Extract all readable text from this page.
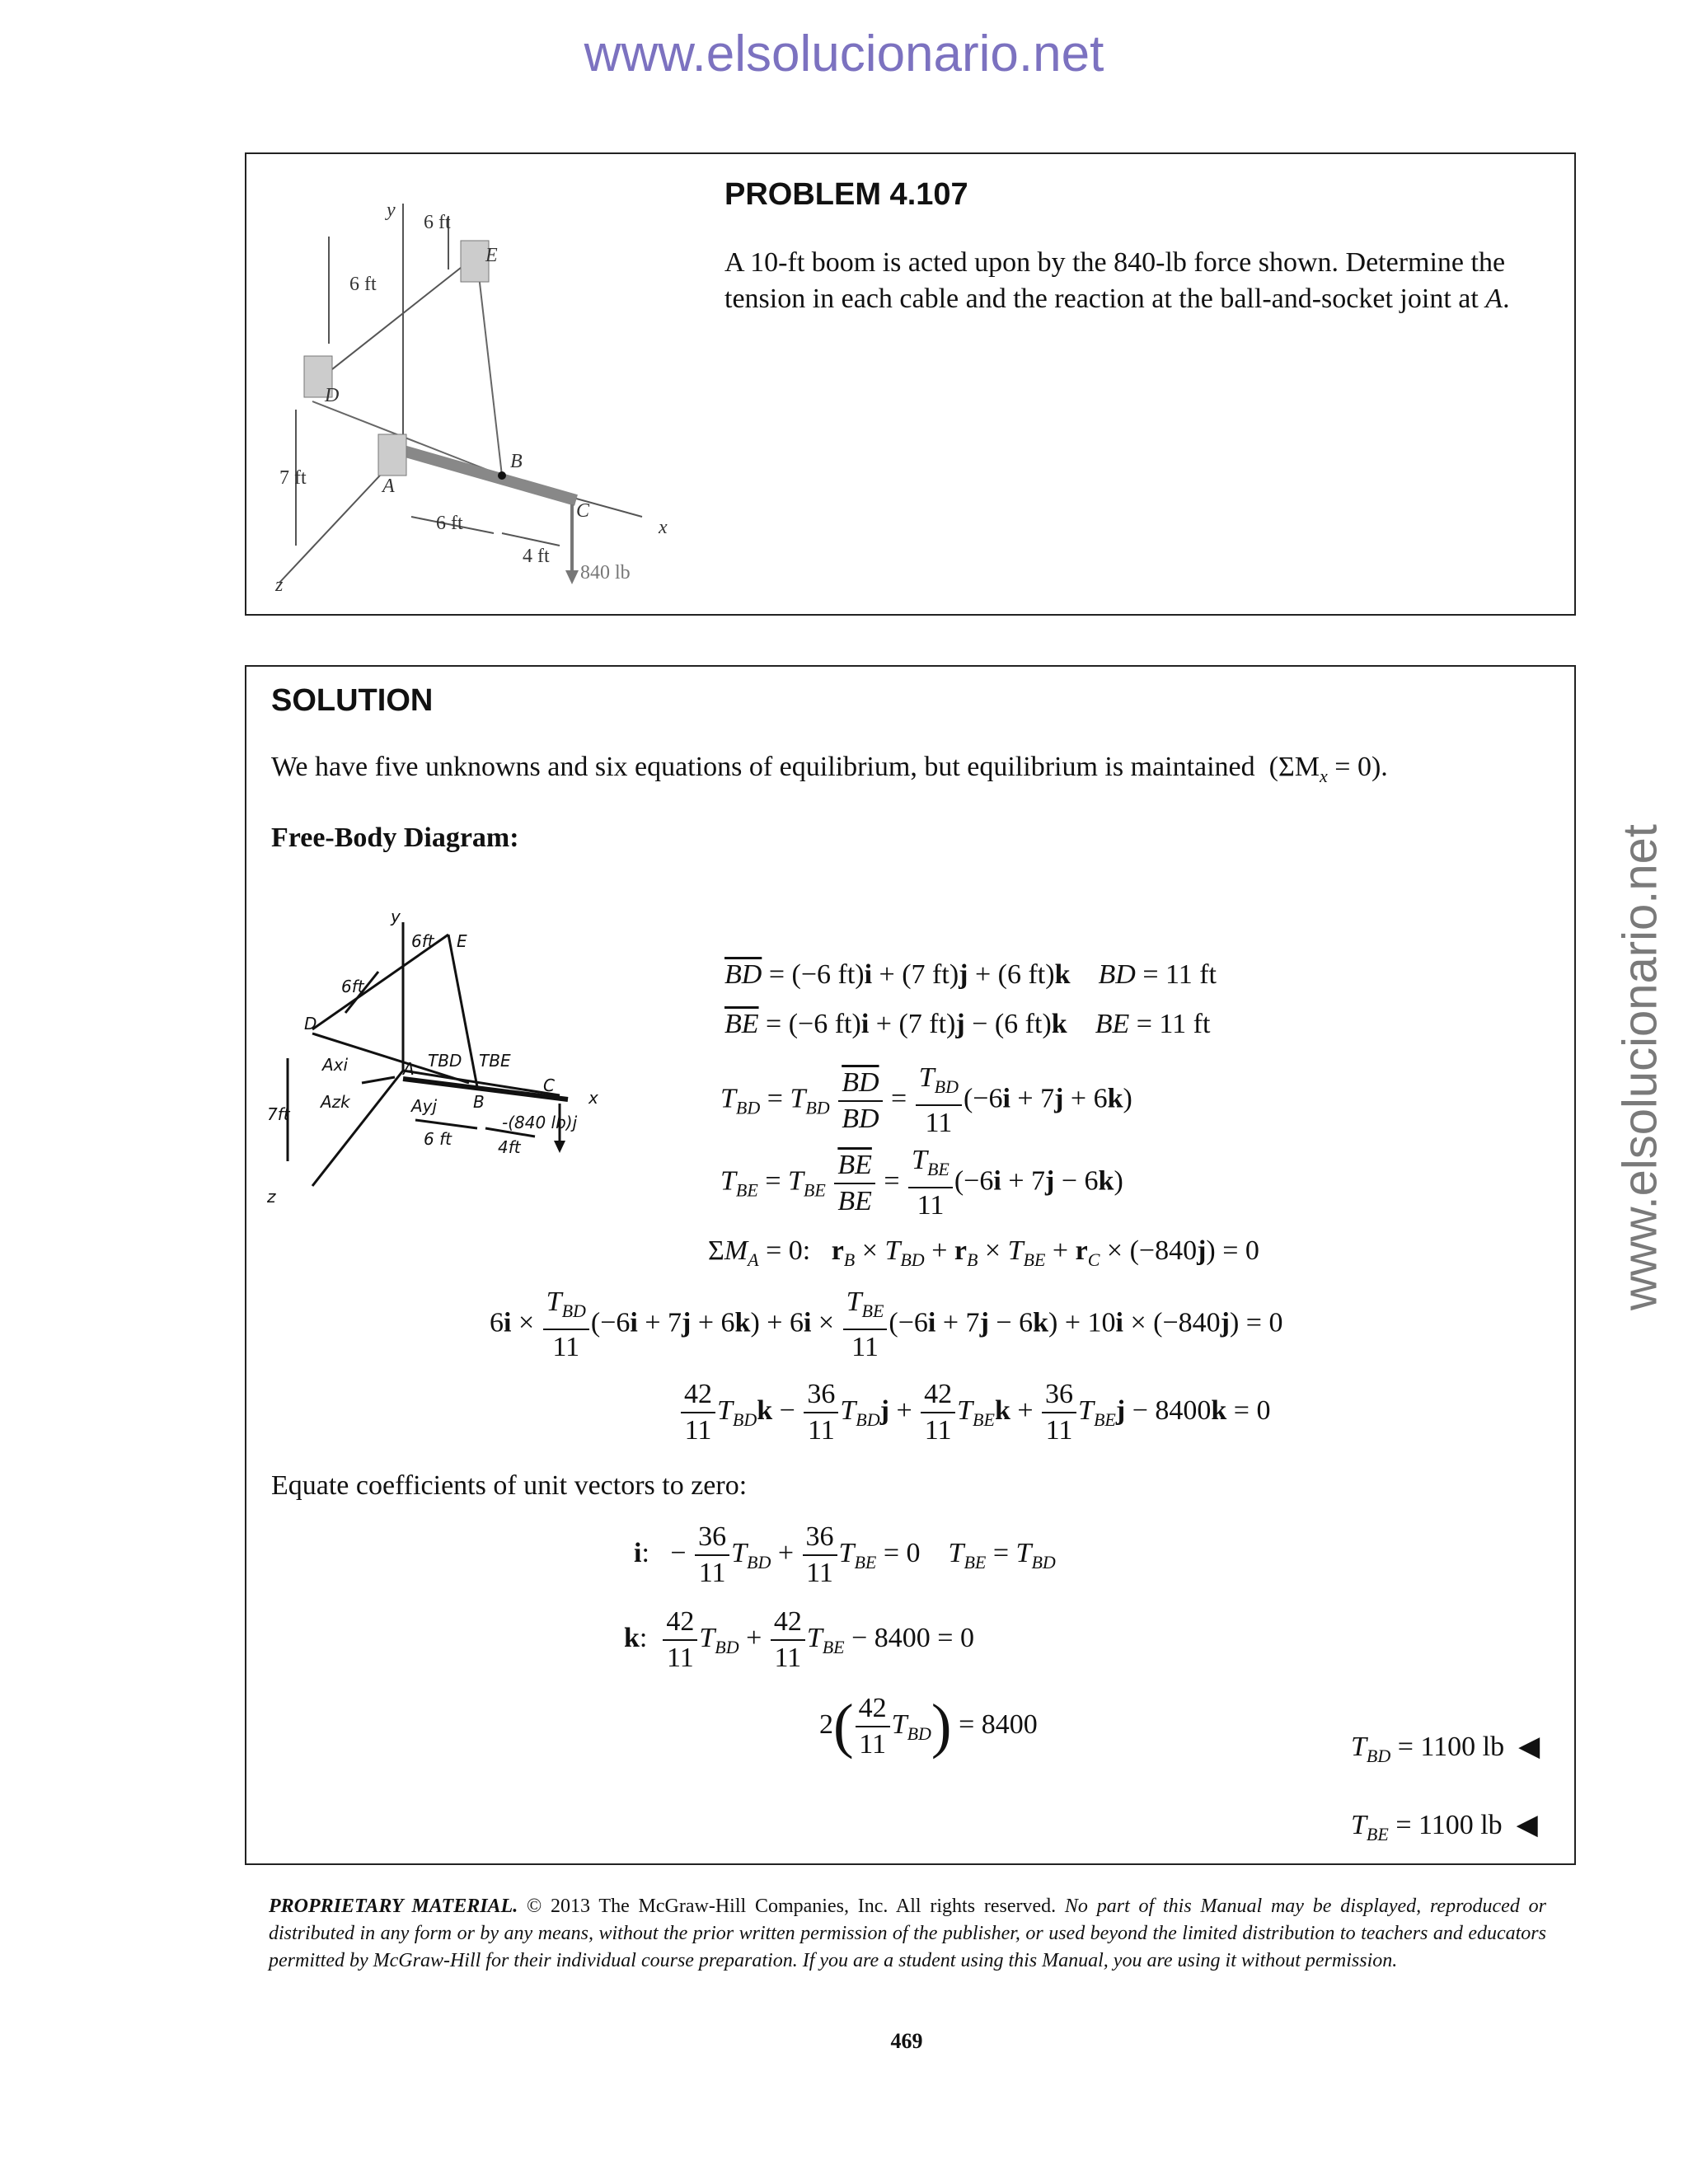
www.elsolucionario.net
www.elsolucionario.net
y
E
D
B
A
C
x
z
6 ft
6 ft
7 ft
6 ft
4 ft
840 lb
PROBLEM 4.107
A 10-ft boom is acted upon by the 840-lb force shown. Determine the tension in each cable and the reaction at the ball-and-socket joint at A.
SOLUTION
We have five unknowns and six equations of equilibrium, but equilibrium is maintained $(\Sigma M_x = 0)$.
Free-Body Diagram:
y
6ft E
6ft
D
TBD TBE
Axi	A
Azk	Ayj B
C
x
7ft
6 ft	4ft
-(840 lb)j
z
$\overline{BD} = (-6$ ft)i + (7 ft)j + (6 ft)k BD = 11 ft
$\overline{BE} = (-6$ ft)i + (7 ft)j − (6 ft)k BE = 11 ft
$T_{BD} = T_{BD} \frac{\overline{BD}}{BD} = \frac{T_{BD}}{11} (-6i + 7j + 6k)$
$T_{BE} = T_{BE} \frac{\overline{BE}}{BE} = \frac{T_{BE}}{11} (-6i + 7j - 6k)$
$\Sigma M_A = 0$:   $r_B \times T_{BD} + r_B \times T_{BE} + r_C \times (-840j) = 0$
$6i \times \frac{T_{BD}}{11} (-6i + 7j + 6k) + 6i \times \frac{T_{BE}}{11} (-6i + 7j - 6k) + 10i \times (-840j) = 0$
$\frac{42}{11} T_{BD}k - \frac{36}{11} T_{BD}j + \frac{42}{11} T_{BE}k + \frac{36}{11} T_{BE}j - 8400k = 0$
Equate coefficients of unit vectors to zero:
i:   − $\frac{36}{11} T_{BD} + \frac{36}{11} T_{BE} = 0$    $T_{BE} = T_{BD}$
k: $\frac{42}{11} T_{BD} + \frac{42}{11} T_{BE} - 8400 = 0$
$2( \frac{42}{11} T_{BD}) = 8400$
$T_{BD} = 1100$ lb ◀
$T_{BE} = 1100$ lb ◀
PROPRIETARY MATERIAL. © 2013 The McGraw-Hill Companies, Inc. All rights reserved. No part of this Manual may be displayed, reproduced or distributed in any form or by any means, without the prior written permission of the publisher, or used beyond the limited distribution to teachers and educators permitted by McGraw-Hill for their individual course preparation. If you are a student using this Manual, you are using it without permission.
469
